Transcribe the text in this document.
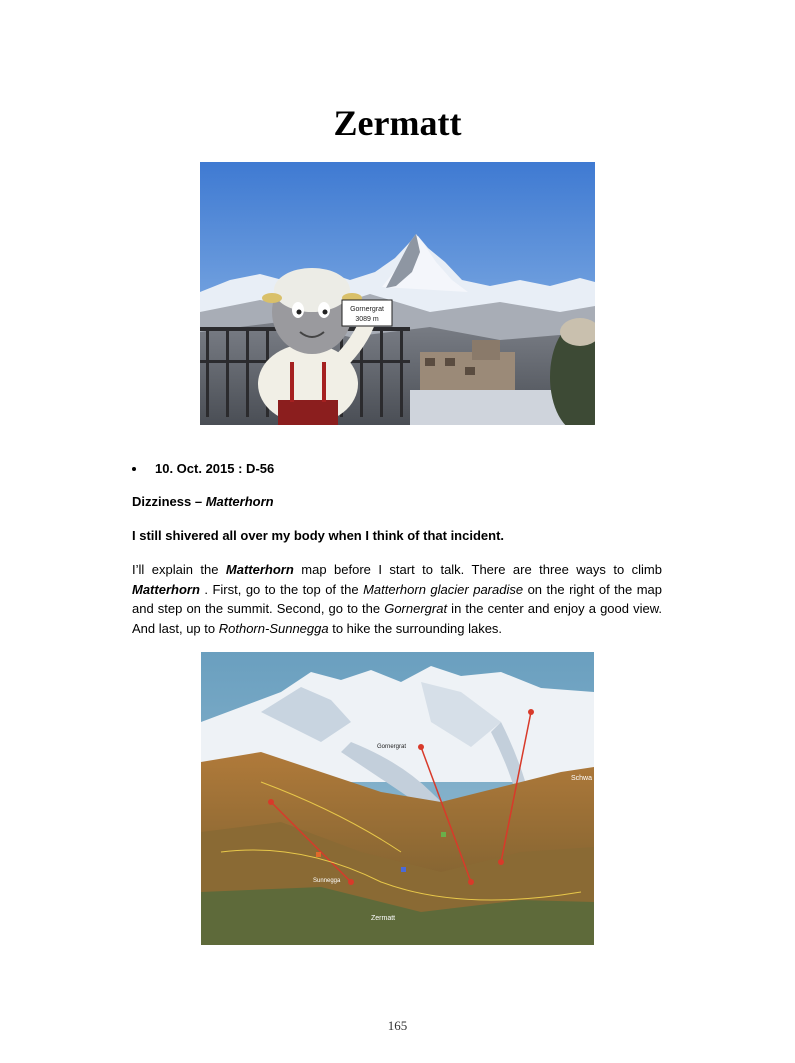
Zermatt
Gornergrat
3089 m
10. Oct. 2015 : D-56
Dizziness – Matterhorn
I still shivered all over my body when I think of that incident.
I’ll explain the Matterhorn map before I start to talk. There are three ways to climb Matterhorn . First, go to the top of the Matterhorn glacier paradise on the right of the map and step on the summit. Second, go to the Gornergrat in the center and enjoy a good view. And last, up to Rothorn-Sunnegga to hike the surrounding lakes.
Gornergrat
Sunnegga
Zermatt
Schwa
165
